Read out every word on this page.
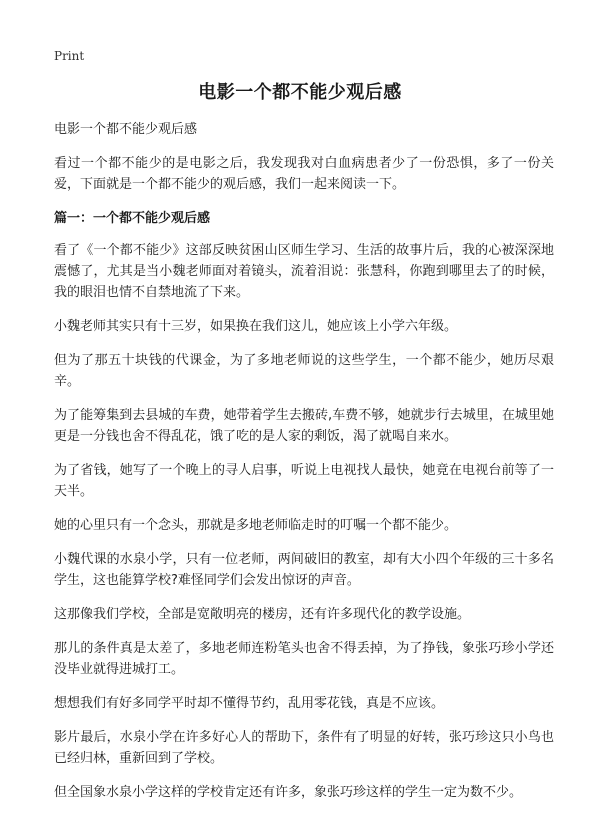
Print
电影一个都不能少观后感

电影一个都不能少观后感

看过一个都不能少的是电影之后，我发现我对白血病患者少了一份恐惧，多了一份关爱，下面就是一个都不能少的观后感，我们一起来阅读一下。

篇一：一个都不能少观后感

看了《一个都不能少》这部反映贫困山区师生学习、生活的故事片后，我的心被深深地震憾了，尤其是当小魏老师面对着镜头，流着泪说：张慧科，你跑到哪里去了的时候，我的眼泪也情不自禁地流了下来。

小魏老师其实只有十三岁，如果换在我们这儿，她应该上小学六年级。

但为了那五十块钱的代课金，为了多地老师说的这些学生，一个都不能少，她历尽艰辛。

为了能筹集到去县城的车费，她带着学生去搬砖,车费不够，她就步行去城里，在城里她更是一分钱也舍不得乱花，饿了吃的是人家的剩饭，渴了就喝自来水。

为了省钱，她写了一个晚上的寻人启事，听说上电视找人最快，她竟在电视台前等了一天半。

她的心里只有一个念头，那就是多地老师临走时的叮嘱一个都不能少。

小魏代课的水泉小学，只有一位老师，两间破旧的教室，却有大小四个年级的三十多名学生，这也能算学校?难怪同学们会发出惊讶的声音。

这那像我们学校，全部是宽敞明亮的楼房，还有许多现代化的教学设施。

那儿的条件真是太差了，多地老师连粉笔头也舍不得丢掉，为了挣钱，象张巧珍小学还没毕业就得进城打工。

想想我们有好多同学平时却不懂得节约，乱用零花钱，真是不应该。

影片最后，水泉小学在许多好心人的帮助下，条件有了明显的好转，张巧珍这只小鸟也已经归林，重新回到了学校。

但全国象水泉小学这样的学校肯定还有许多，象张巧珍这样的学生一定为数不少。
